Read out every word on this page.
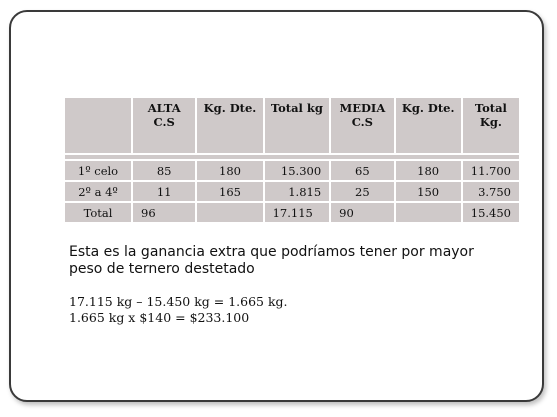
	ALTA C.S	Kg. Dte.	Total kg	MEDIA C.S	Kg. Dte.	Total Kg.

1º celo	85	180	15.300	65	180	11.700
2º a 4º	11	165	1.815	25	150	3.750
Total	96		17.115	90		15.450
Esta es la ganancia extra que podríamos tener por mayor peso de ternero destetado
17.115 kg – 15.450 kg = 1.665 kg.
1.665 kg x $140 = $233.100
